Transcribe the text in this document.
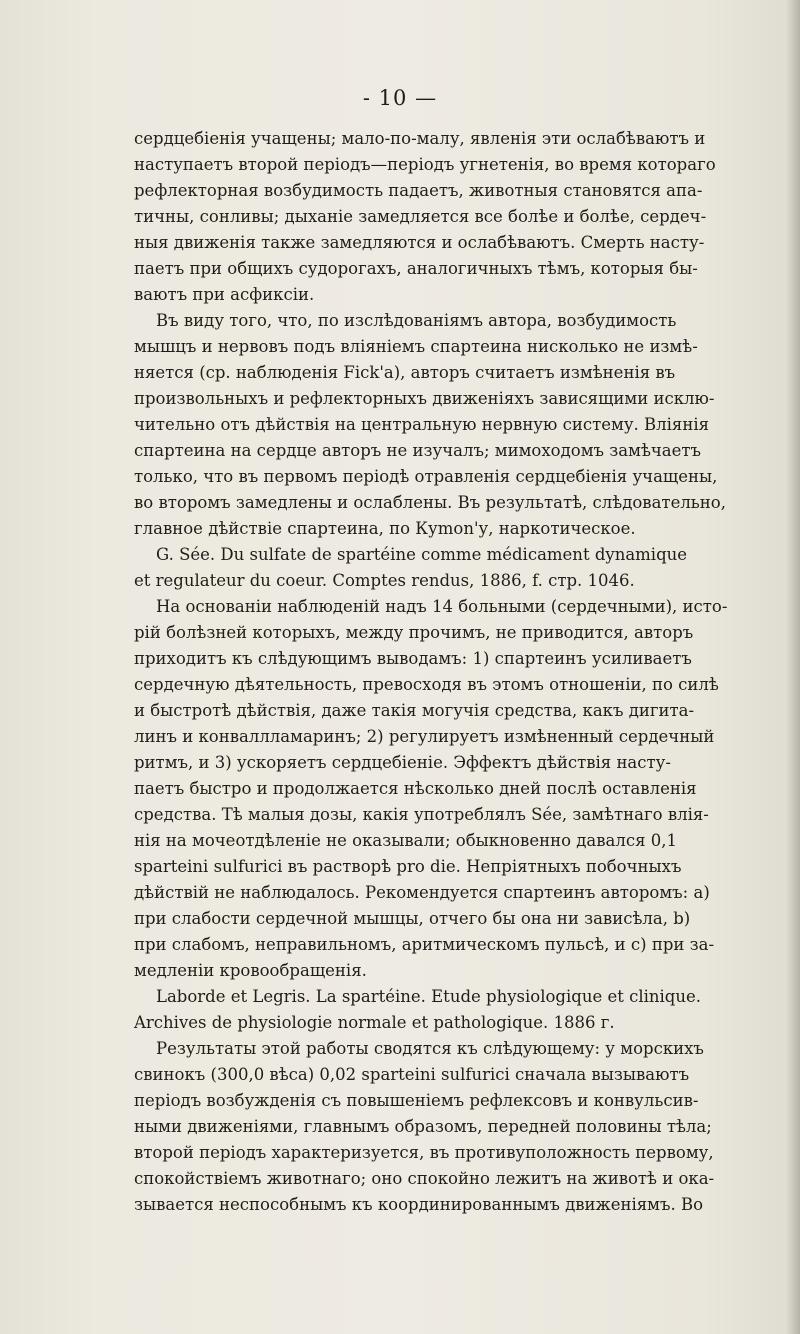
- 10 —
сердцебіенія учащены; мало-по-малу, явленія эти ослабѣваютъ и
наступаетъ второй періодъ—періодъ угнетенія, во время котораго
рефлекторная возбудимость падаетъ, животныя становятся апа-
тичны, сонливы; дыханіе замедляется все болѣе и болѣе, сердеч-
ныя движенія также замедляются и ослабѣваютъ. Смерть насту-
паетъ при общихъ судорогахъ, аналогичныхъ тѣмъ, которыя бы-
ваютъ при асфиксіи.
Въ виду того, что, по изслѣдованіямъ автора, возбудимость
мышцъ и нервовъ подъ вліяніемъ спартеина нисколько не измѣ-
няется (ср. наблюденія Fick'а), авторъ считаетъ измѣненія въ
произвольныхъ и рефлекторныхъ движеніяхъ зависящими исклю-
чительно отъ дѣйствія на центральную нервную систему. Вліянія
спартеина на сердце авторъ не изучалъ; мимоходомъ замѣчаетъ
только, что въ первомъ періодѣ отравленія сердцебіенія учащены,
во второмъ замедлены и ослаблены. Въ результатѣ, слѣдовательно,
главное дѣйствіе спартеина, по Куmon'у, наркотическое.
G. Sée. Du sulfate de spartéine comme médicament dynamique
et regulateur du coeur. Comptes rendus, 1886, f. стр. 1046.
На основаніи наблюденій надъ 14 больными (сердечными), исто-
рій болѣзней которыхъ, между прочимъ, не приводится, авторъ
приходитъ къ слѣдующимъ выводамъ: 1) спартеинъ усиливаетъ
сердечную дѣятельность, превосходя въ этомъ отношеніи, по силѣ
и быстротѣ дѣйствія, даже такія могучія средства, какъ дигита-
линъ и конваллламаринъ; 2) регулируетъ измѣненный сердечный
ритмъ, и 3) ускоряетъ сердцебіеніе. Эффектъ дѣйствія насту-
паетъ быстро и продолжается нѣсколько дней послѣ оставленія
средства. Тѣ малыя дозы, какія употреблялъ Sée, замѣтнаго влія-
нія на мочеотдѣленіе не оказывали; обыкновенно давался 0,1
sparteini sulfurici въ растворѣ pro die. Непріятныхъ побочныхъ
дѣйствій не наблюдалось. Рекомендуется спартеинъ авторомъ: a)
при слабости сердечной мышцы, отчего бы она ни зависѣла, b)
при слабомъ, неправильномъ, аритмическомъ пульсѣ, и c) при за-
медленіи кровообращенія.
Laborde et Legris. La spartéine. Etude physiologique et clinique.
Archives de physiologie normale et pathologique. 1886 г.
Результаты этой работы сводятся къ слѣдующему: у морскихъ
свинокъ (300,0 вѣса) 0,02 sparteini sulfurici сначала вызываютъ
періодъ возбужденія съ повышеніемъ рефлексовъ и конвульсив-
ными движеніями, главнымъ образомъ, передней половины тѣла;
второй періодъ характеризуется, въ противуположность первому,
спокойствіемъ животнаго; оно спокойно лежитъ на животѣ и ока-
зывается неспособнымъ къ координированнымъ движеніямъ. Во
